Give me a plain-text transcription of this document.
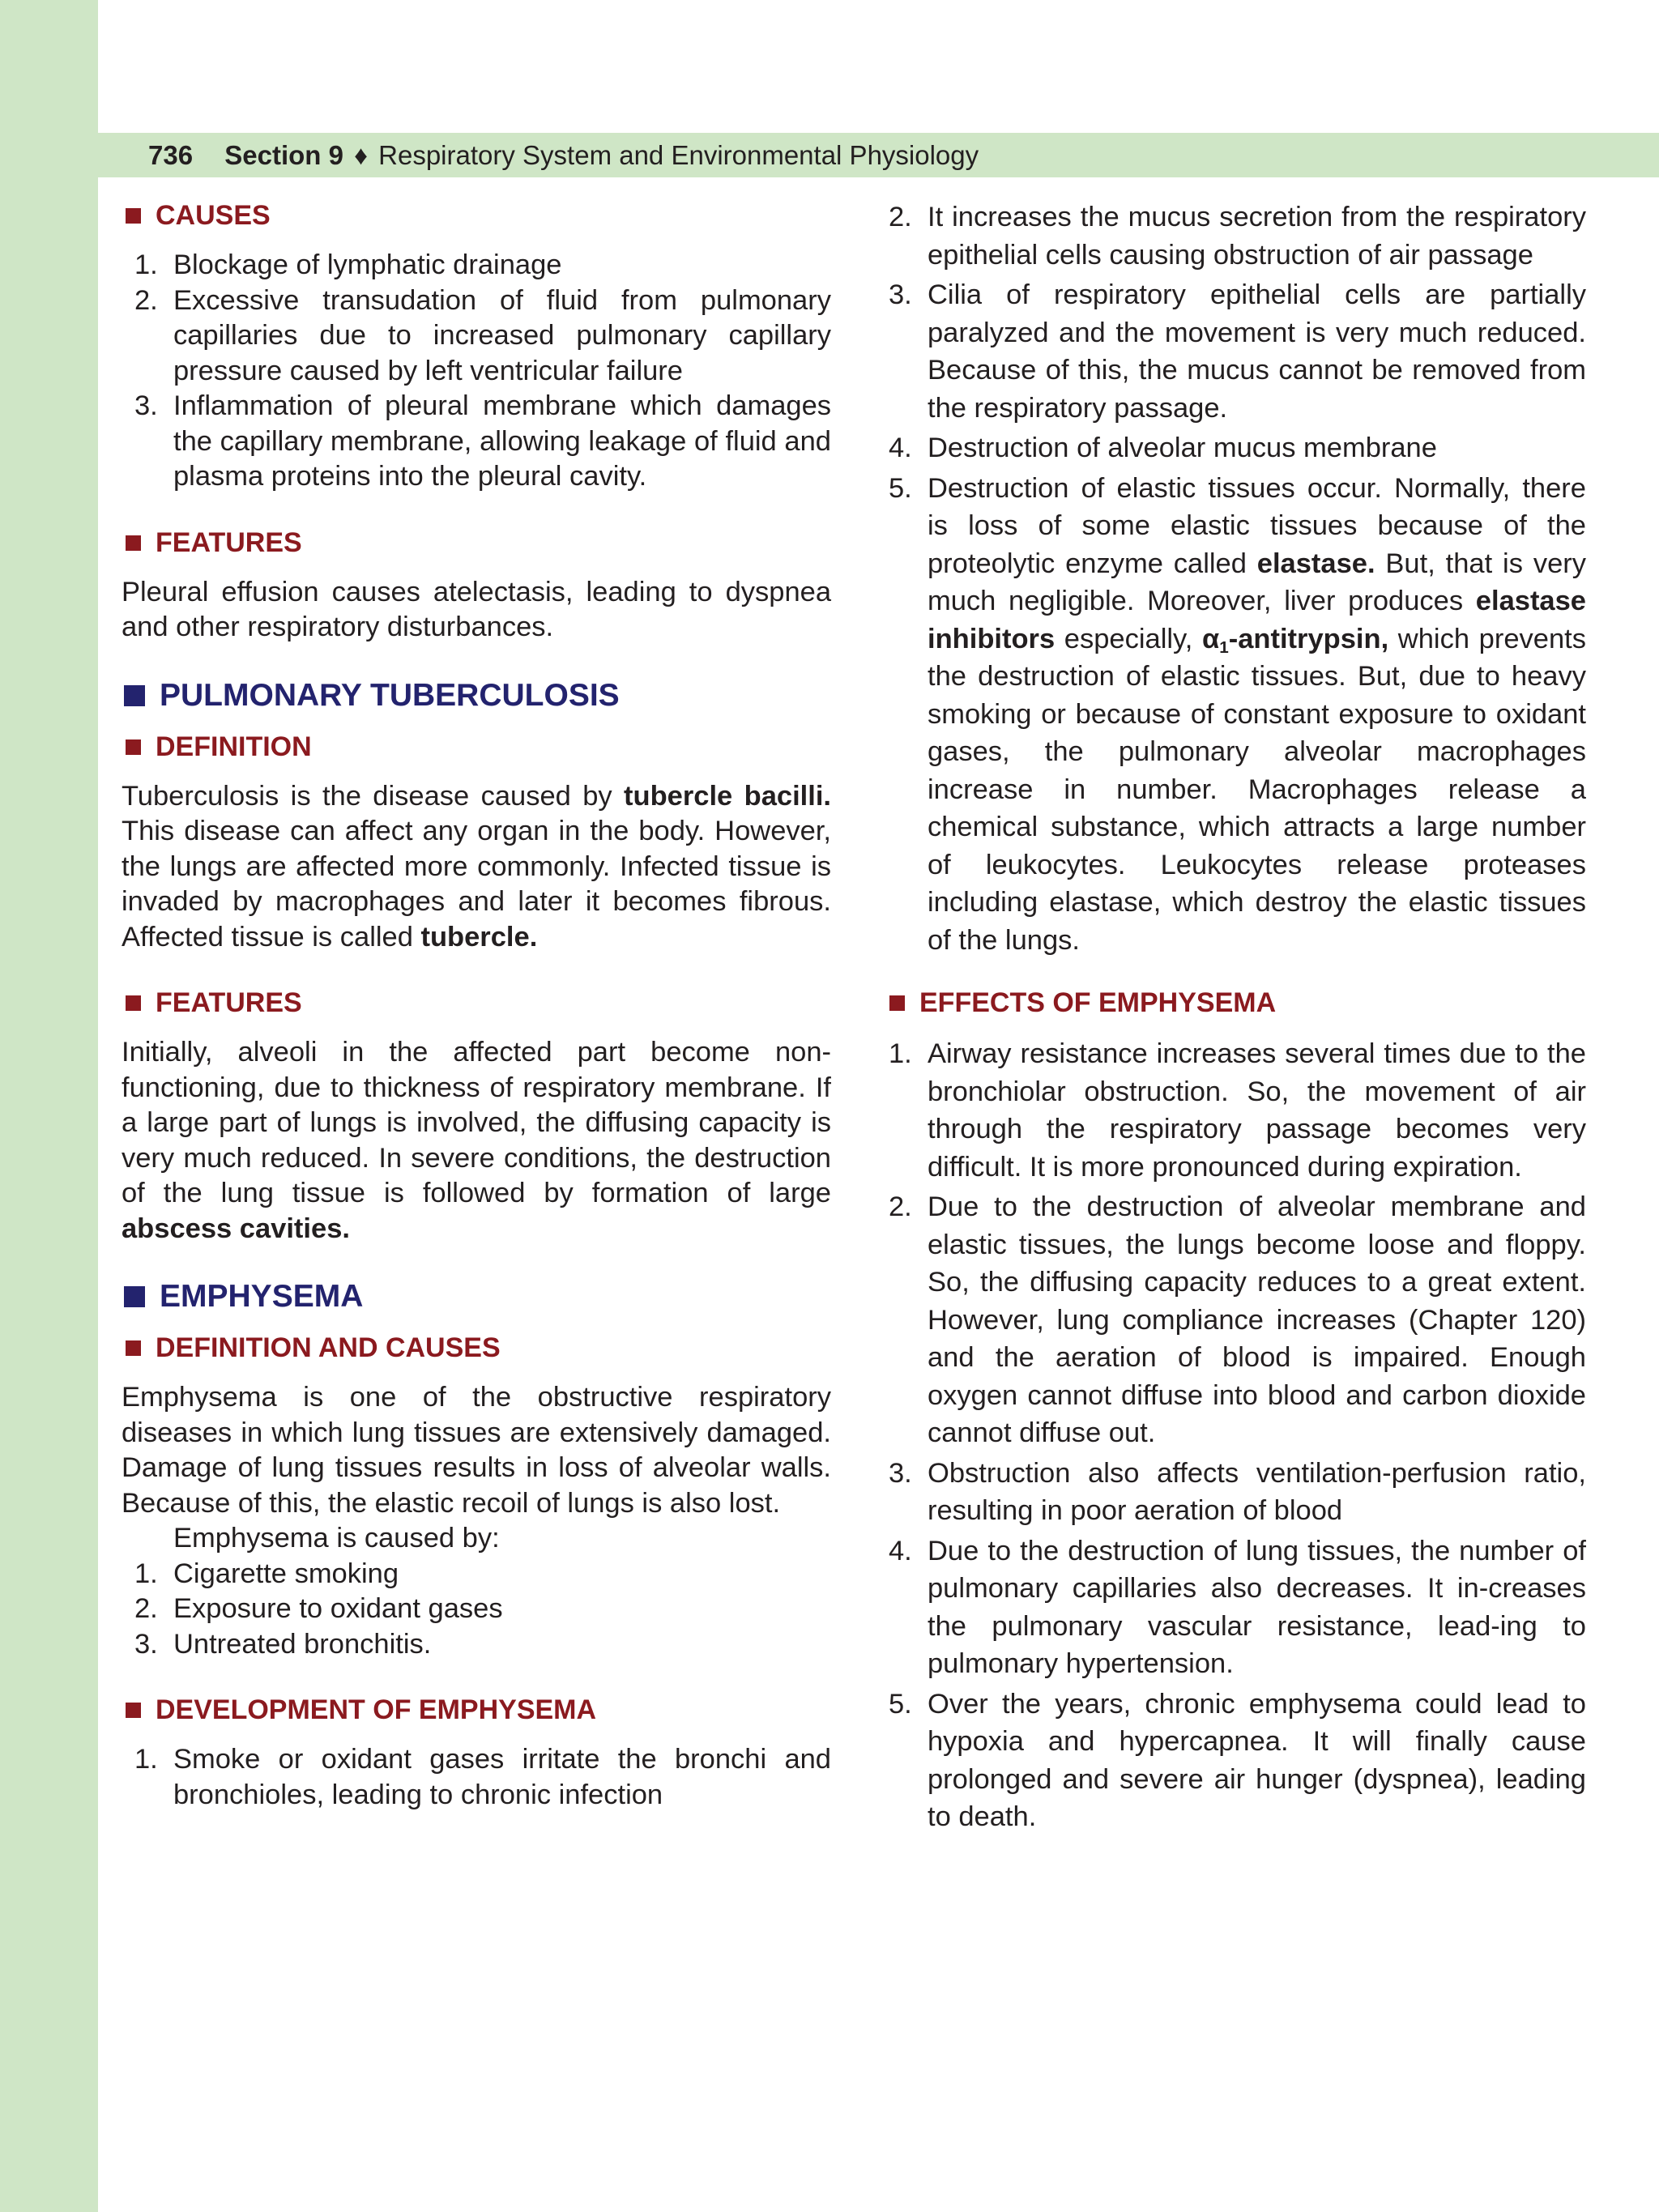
736 Section 9 ♦ Respiratory System and Environmental Physiology
CAUSES
1. Blockage of lymphatic drainage
2. Excessive transudation of fluid from pulmonary capillaries due to increased pulmonary capillary pressure caused by left ventricular failure
3. Inflammation of pleural membrane which damages the capillary membrane, allowing leakage of fluid and plasma proteins into the pleural cavity.
FEATURES

Pleural effusion causes atelectasis, leading to dyspnea and other respiratory disturbances.

PULMONARY TUBERCULOSIS
DEFINITION

Tuberculosis is the disease caused by tubercle bacilli. This disease can affect any organ in the body. However, the lungs are affected more commonly. Infected tissue is invaded by macrophages and later it becomes fibrous. Affected tissue is called tubercle.

FEATURES

Initially, alveoli in the affected part become non-functioning, due to thickness of respiratory membrane. If a large part of lungs is involved, the diffusing capacity is very much reduced. In severe conditions, the destruction of the lung tissue is followed by formation of large abscess cavities.

EMPHYSEMA
DEFINITION AND CAUSES

Emphysema is one of the obstructive respiratory diseases in which lung tissues are extensively damaged. Damage of lung tissues results in loss of alveolar walls. Because of this, the elastic recoil of lungs is also lost.

Emphysema is caused by:

1. Cigarette smoking
2. Exposure to oxidant gases
3. Untreated bronchitis.
DEVELOPMENT OF EMPHYSEMA
1. Smoke or oxidant gases irritate the bronchi and bronchioles, leading to chronic infection
2. It increases the mucus secretion from the respiratory epithelial cells causing obstruction of air passage
3. Cilia of respiratory epithelial cells are partially paralyzed and the movement is very much reduced. Because of this, the mucus cannot be removed from the respiratory passage.
4. Destruction of alveolar mucus membrane
5. Destruction of elastic tissues occur. Normally, there is loss of some elastic tissues because of the proteolytic enzyme called elastase. But, that is very much negligible. Moreover, liver produces elastase inhibitors especially, $\alpha_1$-antitrypsin, which prevents the destruction of elastic tissues. But, due to heavy smoking or because of constant exposure to oxidant gases, the pulmonary alveolar macrophages increase in number. Macrophages release a chemical substance, which attracts a large number of leukocytes. Leukocytes release proteases including elastase, which destroy the elastic tissues of the lungs.
EFFECTS OF EMPHYSEMA
1. Airway resistance increases several times due to the bronchiolar obstruction. So, the movement of air through the respiratory passage becomes very difficult. It is more pronounced during expiration.
2. Due to the destruction of alveolar membrane and elastic tissues, the lungs become loose and floppy. So, the diffusing capacity reduces to a great extent. However, lung compliance increases (Chapter 120) and the aeration of blood is impaired. Enough oxygen cannot diffuse into blood and carbon dioxide cannot diffuse out.
3. Obstruction also affects ventilation-perfusion ratio, resulting in poor aeration of blood
4. Due to the destruction of lung tissues, the number of pulmonary capillaries also decreases. It in-creases the pulmonary vascular resistance, lead-ing to pulmonary hypertension.
5. Over the years, chronic emphysema could lead to hypoxia and hypercapnea. It will finally cause prolonged and severe air hunger (dyspnea), leading to death.
